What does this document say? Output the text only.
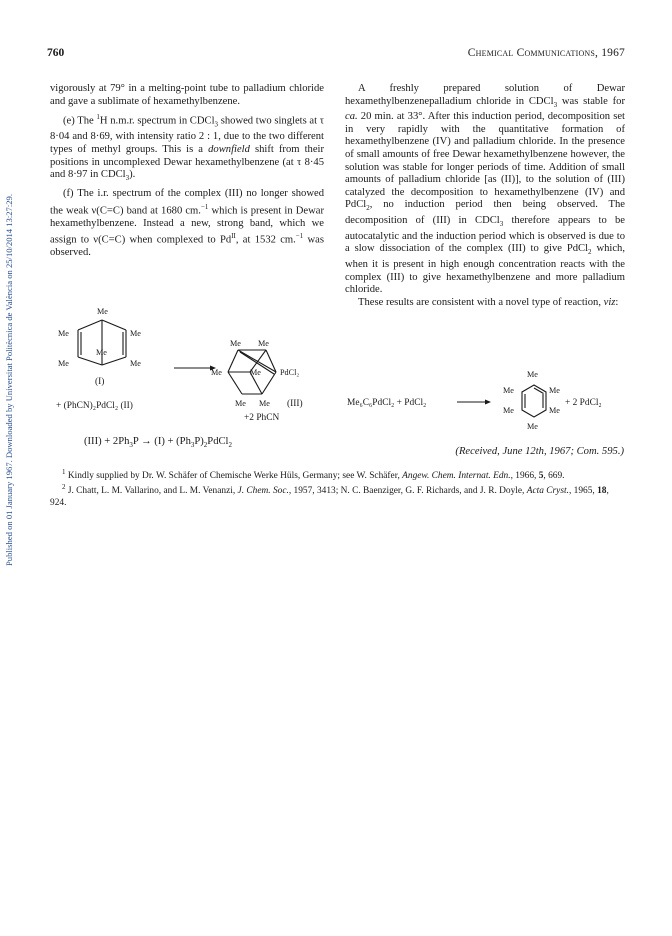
Published on 01 January 1967. Downloaded by Universitat Politècnica de València on 25/10/2014 13:27:29.
760	Chemical Communications, 1967

vigorously at 79° in a melting-point tube to palladium chloride and gave a sublimate of hexamethylbenzene.

(e) The $^1$H n.m.r. spectrum in CDCl$_3$ showed two singlets at τ 8·04 and 8·69, with intensity ratio 2 : 1, due to the two different types of methyl groups. This is a downfield shift from their positions in uncomplexed Dewar hexamethylbenzene (at τ 8·45 and 8·97 in CDCl$_3$).

(f) The i.r. spectrum of the complex (III) no longer showed the weak ν(C=C) band at 1680 cm.$^{-1}$ which is present in Dewar hexamethylbenzene. Instead a new, strong band, which we assign to ν(C=C) when complexed to $Pd^{II}$, at 1532 cm.$^{-1}$ was observed.

Me
Me	Me
Me
Me	Me
(I)
+ (PhCN)₂PdCl₂ (II)
Me Me
Me	Me PdCl₂
Me Me (III)
+2 PhCN
$(III) + 2Ph_3P \to (I)$ + $(Ph_3P)_2PdCl_2$

A freshly prepared solution of Dewar hexamethylbenzenepalladium chloride in CDCl$_3$ was stable for ca. 20 min. at 33°. After this induction period, decomposition set in very rapidly with the quantitative formation of hexamethylbenzene (IV) and palladium chloride. In the presence of small amounts of free Dewar hexamethylbenzene however, the solution was stable for longer periods of time. Addition of small amounts of palladium chloride [as (II)], to the solution of (III) catalyzed the decomposition to hexamethylbenzene (IV) and PdCl$_2$, no induction period then being observed. The decomposition of (III) in CDCl$_3$ therefore appears to be autocatalytic and the induction period which is observed is due to a slow dissociation of the complex (III) to give PdCl$_2$ which, when it is present in high enough concentration reacts with the complex (III) to give hexamethylbenzene and more palladium chloride.

These results are consistent with a novel type of reaction, viz:

Me₆C₆PdCl₂ + PdCl₂
Me
Me	Me
Me	Me
Me
+ 2 PdCl₂
(Received, June 12th, 1967; Com. 595.)

$^1$ Kindly supplied by Dr. W. Schäfer of Chemische Werke Hüls, Germany; see W. Schäfer, Angew. Chem. Internat. Edn., 1966, 5, 669.

$^2$ J. Chatt, L. M. Vallarino, and L. M. Venanzi, J. Chem. Soc., 1957, 3413; N. C. Baenziger, G. F. Richards, and J. R. Doyle, Acta Cryst., 1965, 18, 924.
